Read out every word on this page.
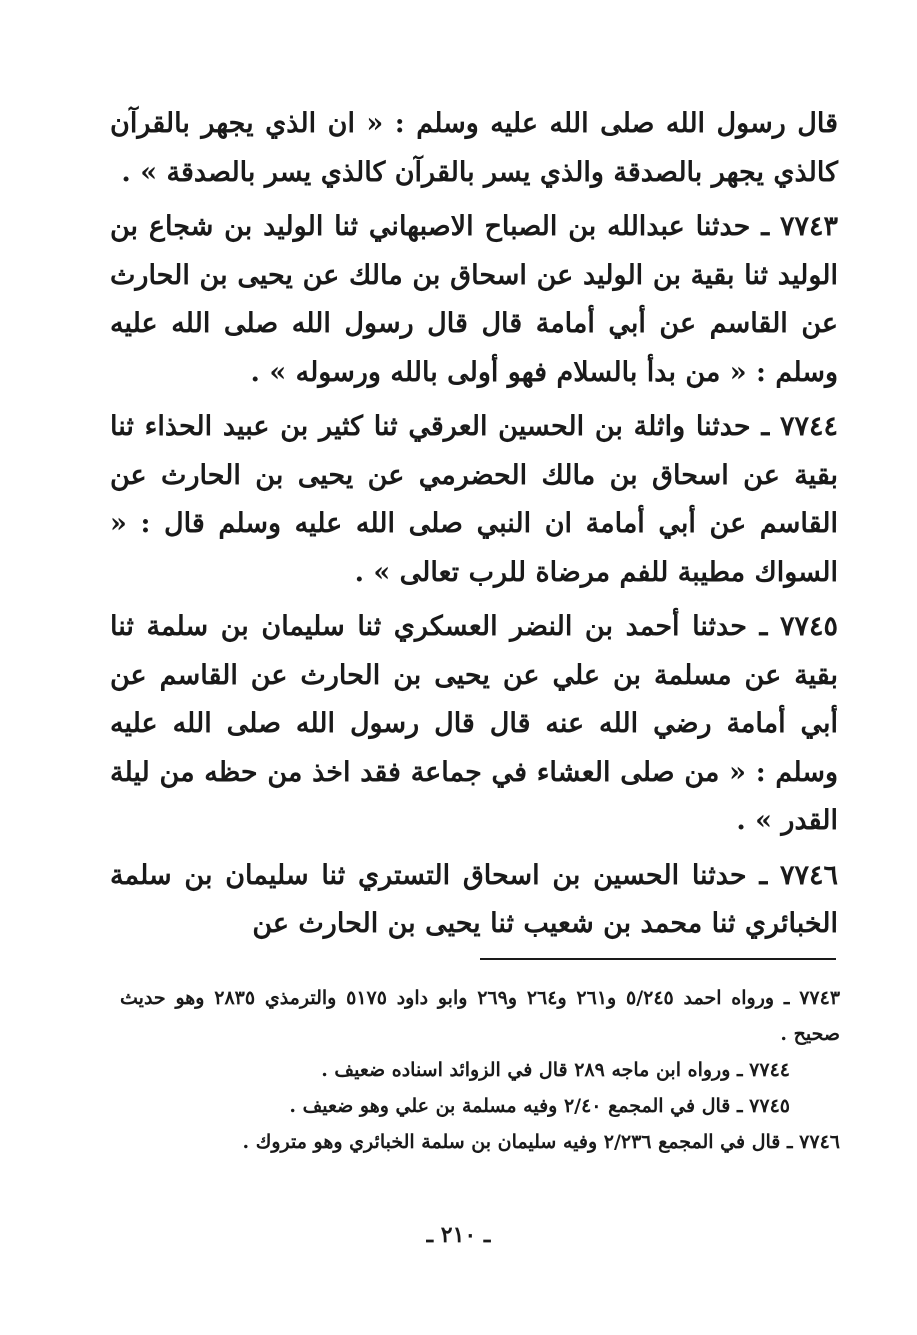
قال رسول الله صلى الله عليه وسلم : « ان الذي يجهر بالقرآن كالذي يجهر بالصدقة والذي يسر بالقرآن كالذي يسر بالصدقة » .

٧٧٤٣ ـ حدثنا عبدالله بن الصباح الاصبهاني ثنا الوليد بن شجاع بن الوليد ثنا بقية بن الوليد عن اسحاق بن مالك عن يحيى بن الحارث عن القاسم عن أبي أمامة قال قال رسول الله صلى الله عليه وسلم : « من بدأ بالسلام فهو أولى بالله ورسوله » .

٧٧٤٤ ـ حدثنا واثلة بن الحسين العرقي ثنا كثير بن عبيد الحذاء ثنا بقية عن اسحاق بن مالك الحضرمي عن يحيى بن الحارث عن القاسم عن أبي أمامة ان النبي صلى الله عليه وسلم قال : « السواك مطيبة للفم مرضاة للرب تعالى » .

٧٧٤٥ ـ حدثنا أحمد بن النضر العسكري ثنا سليمان بن سلمة ثنا بقية عن مسلمة بن علي عن يحيى بن الحارث عن القاسم عن أبي أمامة رضي الله عنه قال قال رسول الله صلى الله عليه وسلم : « من صلى العشاء في جماعة فقد اخذ من حظه من ليلة القدر » .

٧٧٤٦ ـ حدثنا الحسين بن اسحاق التستري ثنا سليمان بن سلمة الخبائري ثنا محمد بن شعيب ثنا يحيى بن الحارث عن

٧٧٤٣ ـ ورواه احمد ٥/٢٤٥ و٢٦١ و٢٦٤ و٢٦٩ وابو داود ٥١٧٥ والترمذي ٢٨٣٥ وهو حديث صحيح .

٧٧٤٤ ـ ورواه ابن ماجه ٢٨٩ قال في الزوائد اسناده ضعيف .

٧٧٤٥ ـ قال في المجمع ٢/٤٠ وفيه مسلمة بن علي وهو ضعيف .

٧٧٤٦ ـ قال في المجمع ٢/٢٣٦ وفيه سليمان بن سلمة الخبائري وهو متروك .

ـ ٢١٠ ـ
